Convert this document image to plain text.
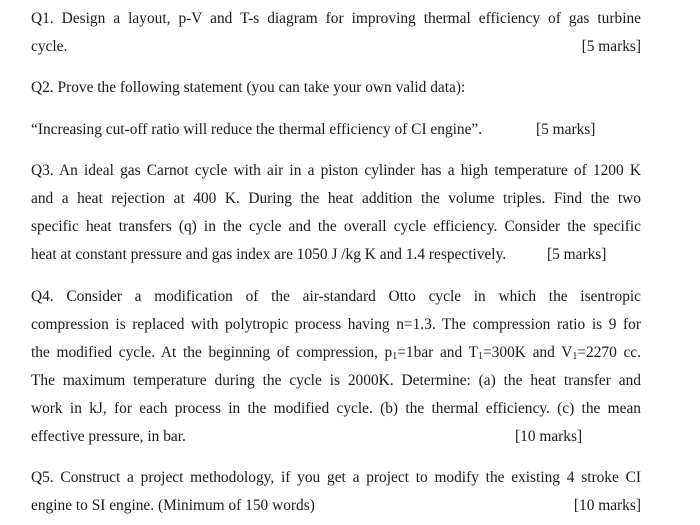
Q1. Design a layout, p-V and T-s diagram for improving thermal efficiency of gas turbine
cycle.	[5 marks]
Q2. Prove the following statement (you can take your own valid data):
“Increasing cut-off ratio will reduce the thermal efficiency of CI engine”.	[5 marks]
Q3. An ideal gas Carnot cycle with air in a piston cylinder has a high temperature of 1200 K
and a heat rejection at 400 K. During the heat addition the volume triples. Find the two
specific heat transfers (q) in the cycle and the overall cycle efficiency. Consider the specific
heat at constant pressure and gas index are 1050 J /kg K and 1.4 respectively.	[5 marks]
Q4. Consider a modification of the air-standard Otto cycle in which the isentropic
compression is replaced with polytropic process having n=1.3. The compression ratio is 9 for
the modified cycle. At the beginning of compression, p1=1bar and T1=300K and V1=2270 cc.
The maximum temperature during the cycle is 2000K. Determine: (a) the heat transfer and
work in kJ, for each process in the modified cycle. (b) the thermal efficiency. (c) the mean
effective pressure, in bar.	[10 marks]
Q5. Construct a project methodology, if you get a project to modify the existing 4 stroke CI
engine to SI engine. (Minimum of 150 words)	[10 marks]
